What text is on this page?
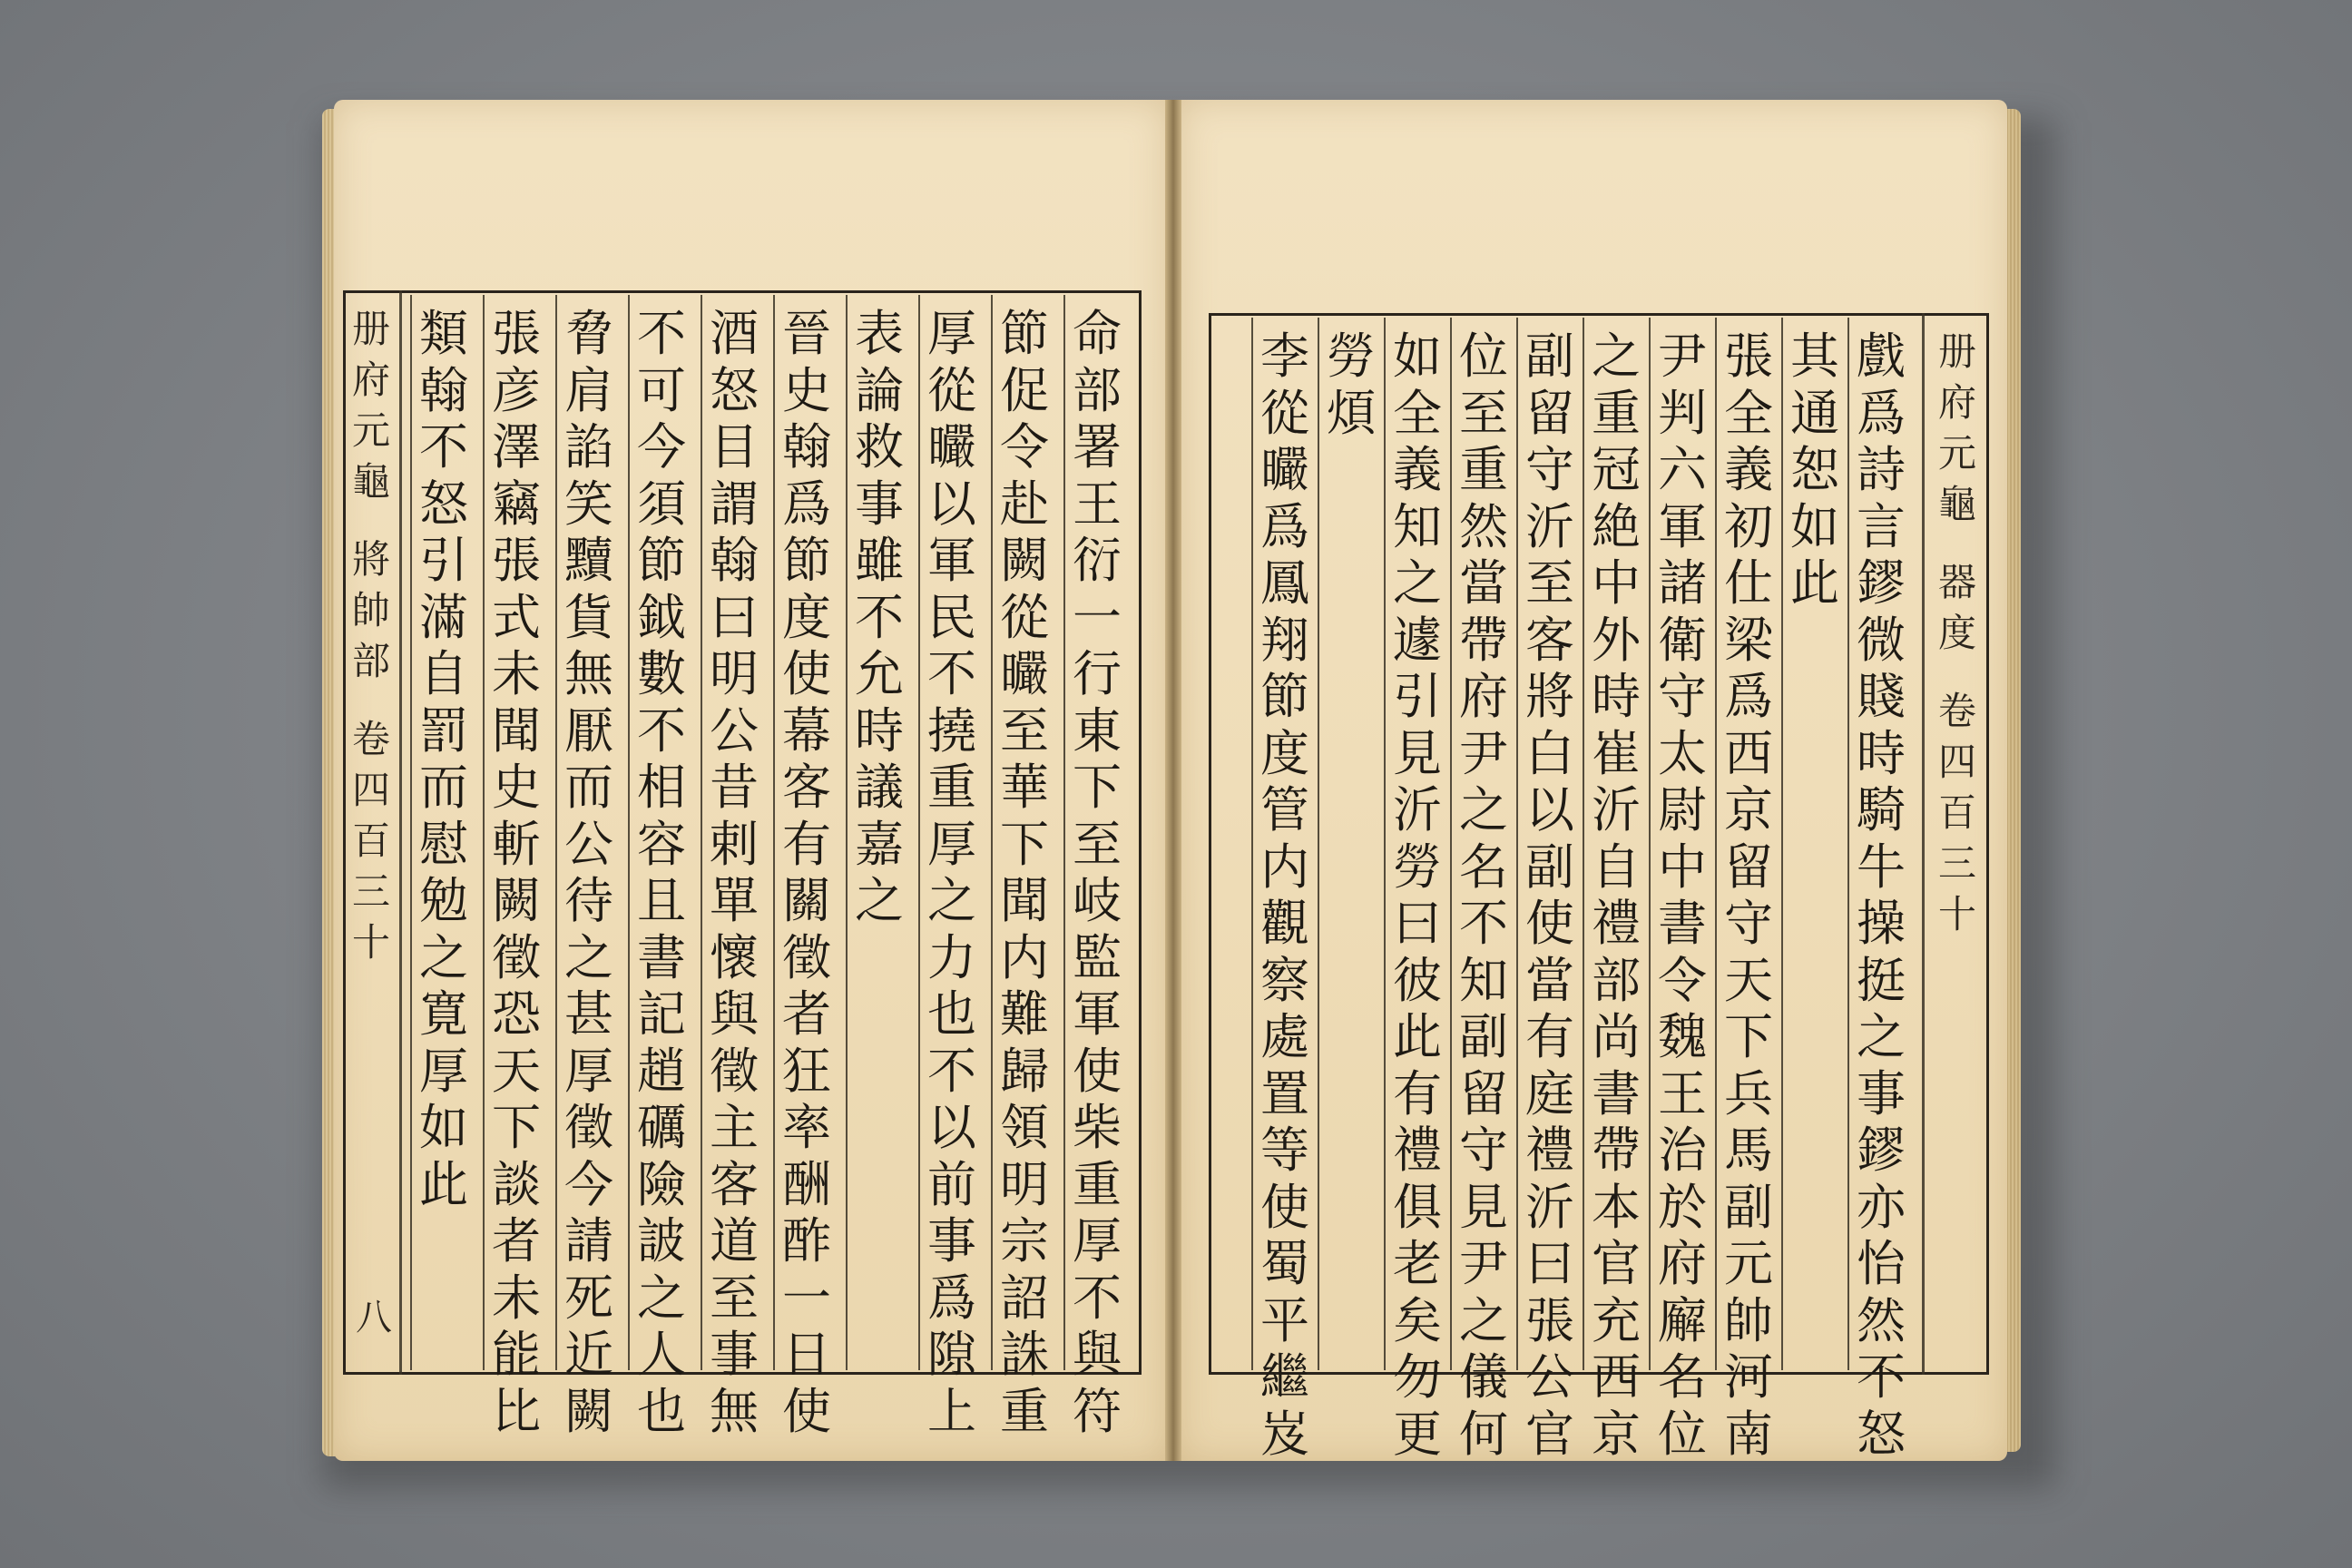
命
部
署
王
衍
一
行
東
下
至
岐
監
軍
使
柴
重
厚
不
與
符
節
促
令
赴
闕
從
曮
至
華
下
聞
内
難
歸
領
明
宗
詔
誅
重
厚
從
曮
以
軍
民
不
撓
重
厚
之
力
也
不
以
前
事
爲
隙
上
表
論
救
事
雖
不
允
時
議
嘉
之
晉
史
翰
爲
節
度
使
幕
客
有
關
徵
者
狂
率
酬
酢
一
日
使
酒
怒
目
謂
翰
曰
明
公
昔
剌
單
懷
與
徵
主
客
道
至
事
無
不
可
今
須
節
鉞
數
不
相
容
且
書
記
趙
礪
險
詖
之
人
也
脅
肩
諂
笑
黷
貨
無
厭
而
公
待
之
甚
厚
徵
今
請
死
近
闕
張
彦
澤
竊
張
式
未
聞
史
斬
闕
徵
恐
天
下
談
者
未
能
比
類
翰
不
怒
引
滿
自
罰
而
慰
勉
之
寛
厚
如
此
戲
爲
詩
言
鏐
微
賤
時
騎
牛
操
挺
之
事
鏐
亦
怡
然
不
怒
其
通
恕
如
此
張
全
義
初
仕
梁
爲
西
京
留
守
天
下
兵
馬
副
元
帥
河
南
尹
判
六
軍
諸
衛
守
太
尉
中
書
令
魏
王
治
於
府
廨
名
位
之
重
冠
絶
中
外
時
崔
沂
自
禮
部
尚
書
帶
本
官
充
西
京
副
留
守
沂
至
客
將
白
以
副
使
當
有
庭
禮
沂
曰
張
公
官
位
至
重
然
當
帶
府
尹
之
名
不
知
副
留
守
見
尹
之
儀
何
如
全
義
知
之
遽
引
見
沂
勞
曰
彼
此
有
禮
俱
老
矣
勿
更
勞
煩
李
從
曮
爲
鳳
翔
節
度
管
内
觀
察
處
置
等
使
蜀
平
繼
岌
册
府
元
龜
將
帥
部
卷
四
百
三
十
八
册
府
元
龜
器
度
卷
四
百
三
十
